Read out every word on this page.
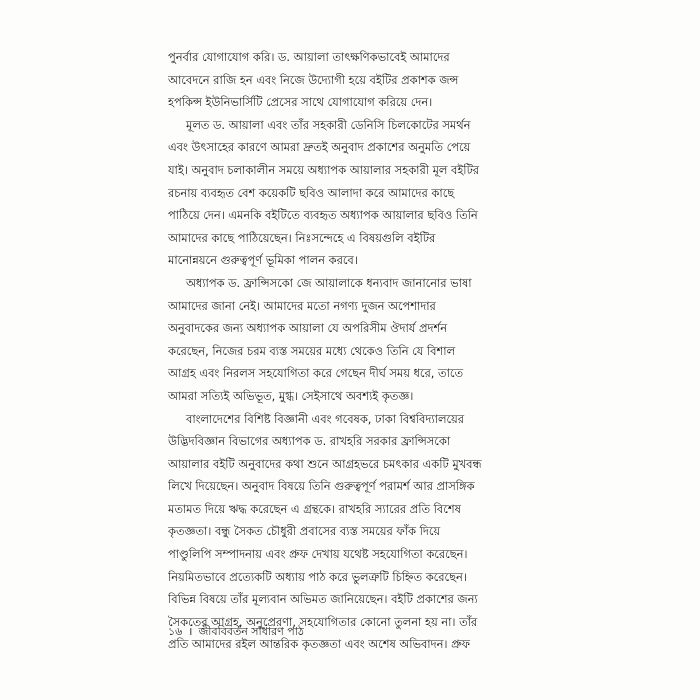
পুনর্বার যোগাযোগ করি। ড. আয়ালা তাৎক্ষণিকভাবেই আমাদের
আবেদনে রাজি হন এবং নিজে উদ্যোগী হয়ে বইটির প্রকাশক জন্স
হপকিন্স ইউনিভার্সিটি প্রেসের সাথে যোগাযোগ করিয়ে দেন।
মূলত ড. আয়ালা এবং তাঁর সহকারী ডেনিসি চিলকোটের সমর্থন
এবং উৎসাহের কারণে আমরা দ্রুতই অনুবাদ প্রকাশের অনুমতি পেয়ে
যাই। অনুবাদ চলাকালীন সময়ে অধ্যাপক আয়ালার সহকারী মূল বইটির
রচনায় ব্যবহৃত বেশ কয়েকটি ছবিও আলাদা করে আমাদের কাছে
পাঠিয়ে দেন। এমনকি বইটিতে ব্যবহৃত অধ্যাপক আয়ালার ছবিও তিনি
আমাদের কাছে পাঠিয়েছেন। নিঃসন্দেহে এ বিষয়গুলি বইটির
মানোন্নয়নে গুরুত্বপূর্ণ ভূমিকা পালন করবে।
অধ্যাপক ড. ফ্রান্সিসকো জে আয়ালাকে ধন্যবাদ জানানোর ভাষা
আমাদের জানা নেই। আমাদের মতো নগণ্য দুজন অপেশাদার
অনুবাদকের জন্য অধ্যাপক আয়ালা যে অপরিসীম ঔদার্য প্রদর্শন
করেছেন, নিজের চরম ব্যস্ত সময়ের মধ্যে থেকেও তিনি যে বিশাল
আগ্রহ এবং নিরলস সহযোগিতা করে গেছেন দীর্ঘ সময় ধরে, তাতে
আমরা সত্যিই অভিভূত, মুগ্ধ। সেইসাথে অবশ্যই কৃতজ্ঞ।
বাংলাদেশের বিশিষ্ট বিজ্ঞানী এবং গবেষক, ঢাকা বিশ্ববিদ্যালয়ের
উদ্ভিদবিজ্ঞান বিভাগের অধ্যাপক ড. রাখহরি সরকার ফ্রান্সিসকো
আয়ালার বইটি অনুবাদের কথা শুনে আগ্রহভরে চমৎকার একটি মুখবন্ধ
লিখে দিয়েছেন। অনুবাদ বিষয়ে তিনি গুরুত্বপূর্ণ পরামর্শ আর প্রাসঙ্গিক
মতামত দিয়ে ঋদ্ধ করেছেন এ গ্রন্থকে। রাখহরি স্যারের প্রতি বিশেষ
কৃতজ্ঞতা। বন্ধু সৈকত চৌধুরী প্রবাসের ব্যস্ত সময়ের ফাঁক দিয়ে
পাণ্ডুলিপি সম্পাদনায় এবং প্রুফ দেখায় যথেষ্ট সহযোগিতা করেছেন।
নিয়মিতভাবে প্রত্যেকটি অধ্যায় পাঠ করে ভুলত্রুটি চিহ্নিত করেছেন।
বিভিন্ন বিষয়ে তাঁর মূল্যবান অভিমত জানিয়েছেন। বইটি প্রকাশের জন্য
সৈকতের আগ্রহ, অনুপ্রেরণা, সহযোগিতার কোনো তুলনা হয় না। তাঁর
প্রতি আমাদের রইল আন্তরিক কৃতজ্ঞতা এবং অশেষ অভিবাদন। প্রুফ
১৬ । জীববিবর্তন সাধারণ পাঠ
